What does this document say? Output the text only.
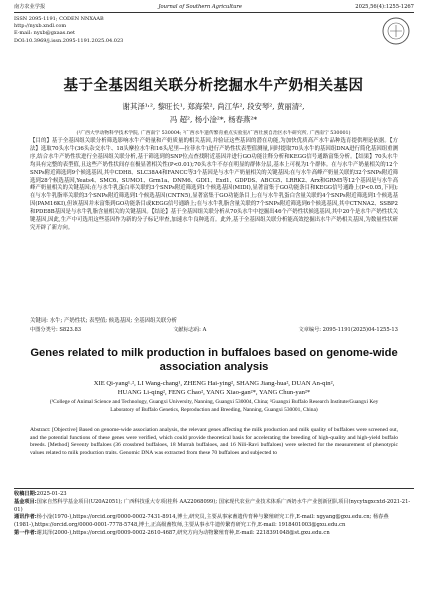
南方农业学报	Journal of Southern Agriculture	2025,56(4):1255-1267
ISSN 2095-1191; CODEN NNXAAB
http://nyxb.xndl.com
E-mail: nyxb@gxaas.net
DOI:10.3969/j.issn.2095-1191.2025.04.023
基于全基因组关联分析挖掘水牛产奶相关基因
谢其泽¹˒², 黎旺长¹, 郑海荣², 尚江华², 段安琴², 黄丽清²,
冯 超², 杨小淦²*, 杨春燕²*
(¹广西大学动物科学技术学院, 广西南宁 530004; ²广西水牛遗传繁育重点实验室/广西壮族自治区水牛研究所, 广西南宁 530001)
【目的】基于全基因组关联分析筛选影响水牛产奶量和产奶质量的相关基因,并验证这些基因的潜在功能,为加快优质高产水牛品种选育提供理论依据。【方法】选取70头水牛(36头杂交水牛、18头摩拉水牛和16头尼里—拉菲水牛)进行产奶性状表型值测量,同时提取70头水牛的基因组DNA进行简化基因组重测序,结合水牛产奶性状进行全基因组关联分析,基于筛选到的SNP位点查找附近基因并进行GO功能注释分析和KEGG信号通路富集分析。【结果】70头水牛均具有完整的表型值,且这些产奶性状间存在极显著相关性(P<0.01);70头水牛不存在明显的群体分层,基本上可视为1个群体。在与水牛产奶量相关的12个SNPs附近筛选到9个候选基因,其中CDH8、SLC38A4和FANCC等3个基因是与水牛产奶量相关的关键基因;在与水牛高峰产奶量关联的32个SNPs附近筛选到28个候选基因,Yeats4、SMC6、SUMO1、Grm1a、DNM6、GDI1、Exd1、GDPDS、ABCG5、LRRK2、Arx和GRM5等12个基因是与水牛高峰产奶量相关的关键基因;在与水牛乳蛋白率关联的3个SNPs附近筛选到1个候选基因(MIDI),显著富集于GO功能条目和KEGG信号通路上(P<0.05,下同);在与水牛乳脂率关联的3个SNPs附近筛选到1个候选基因(CNTN5),显著富集于GO功能条目上;在与水牛乳蛋白含量关联的4个SNPs附近筛选到1个候选基因(PAM16KI),但该基因并未富集到GO功能条目或KEGG信号通路上;在与水牛乳脂含量关联的7个SNPs附近筛选到6个候选基因,其中CTNNA2、SSBP2和PDE8B基因是与水牛乳脂含量相关的关键基因。【结论】基于全基因组关联分析从70头水牛中挖掘出46个产奶性状候选基因,其中20个是水牛产奶性状关键基因,因此,生产中可选用这些基因作为新的分子标记审查,加速水牛良种选育。此外,基于全基因组关联分析能高效挖掘出水牛产奶相关基因,为数量性状研究开辟了新方向。
关键词: 水牛; 产奶性状; 表型值; 候选基因; 全基因组关联分析
中图分类号: S823.83	文献标志码: A	文章编号: 2095-1191(2025)04-1255-13
Genes related to milk production in buffaloes based on genome-wide association analysis
XIE Qi-yang¹˒², LI Wang-chang¹, ZHENG Hai-ying², SHANG Jiang-hua², DUAN An-qin²,
HUANG Li-qing², FENG Chao², YANG Xiao-gan²*, YANG Chun-yan²*
(¹College of Animal Science and Technology, Guangxi University, Nanning, Guangxi 530004, China; ²Guangxi Buffalo Research Institute/Guangxi Key Laboratory of Buffalo Genetics, Reproduction and Breeding, Nanning, Guangxi 530001, China)
Abstract: [Objective] Based on genome-wide association analysis, the relevant genes affecting the milk production and milk quality of buffaloes were screened out, and the potential functions of these genes were verified, which could provide theoretical basis for accelerating the breeding of high-quality and high-yield buffalo breeds. [Method] Seventy buffaloes (36 crossbred buffaloes, 18 Murrah buffaloes, and 16 Nili-Ravi buffaloes) were selected for the measurement of phenotypic values related to milk production traits. Genomic DNA was extracted from these 70 buffaloes and subjected to
收稿日期:2025-01-23
基金项目:国家自然科学基金项目(U20A2051); 广西科技重大专项(桂科 AA22068099); 国家现代农业产业技术体系广西奶水牛产业创新团队项目(nycytxgxcxtd-2021-21-01)
通讯作者:杨小淦(1970-),https://orcid.org/0000-0002-7431-8914,博士,研究员,主要从事家畜遗传育种与繁殖研究工作,E-mail: xgyang@gxu.edu.cn; 杨春燕(1981-),https://orcid.org/0000-0001-7778-5748,博士,正高级畜牧师,主要从事水牛遗传繁育研究工作,E-mail: 1918401003@gxu.edu.cn
第一作者:谢其泽(2000-),https://orcid.org/0009-0002-2610-4687,研究方向为动物繁殖育种,E-mail: 2218391048@st.gxu.edu.cn
